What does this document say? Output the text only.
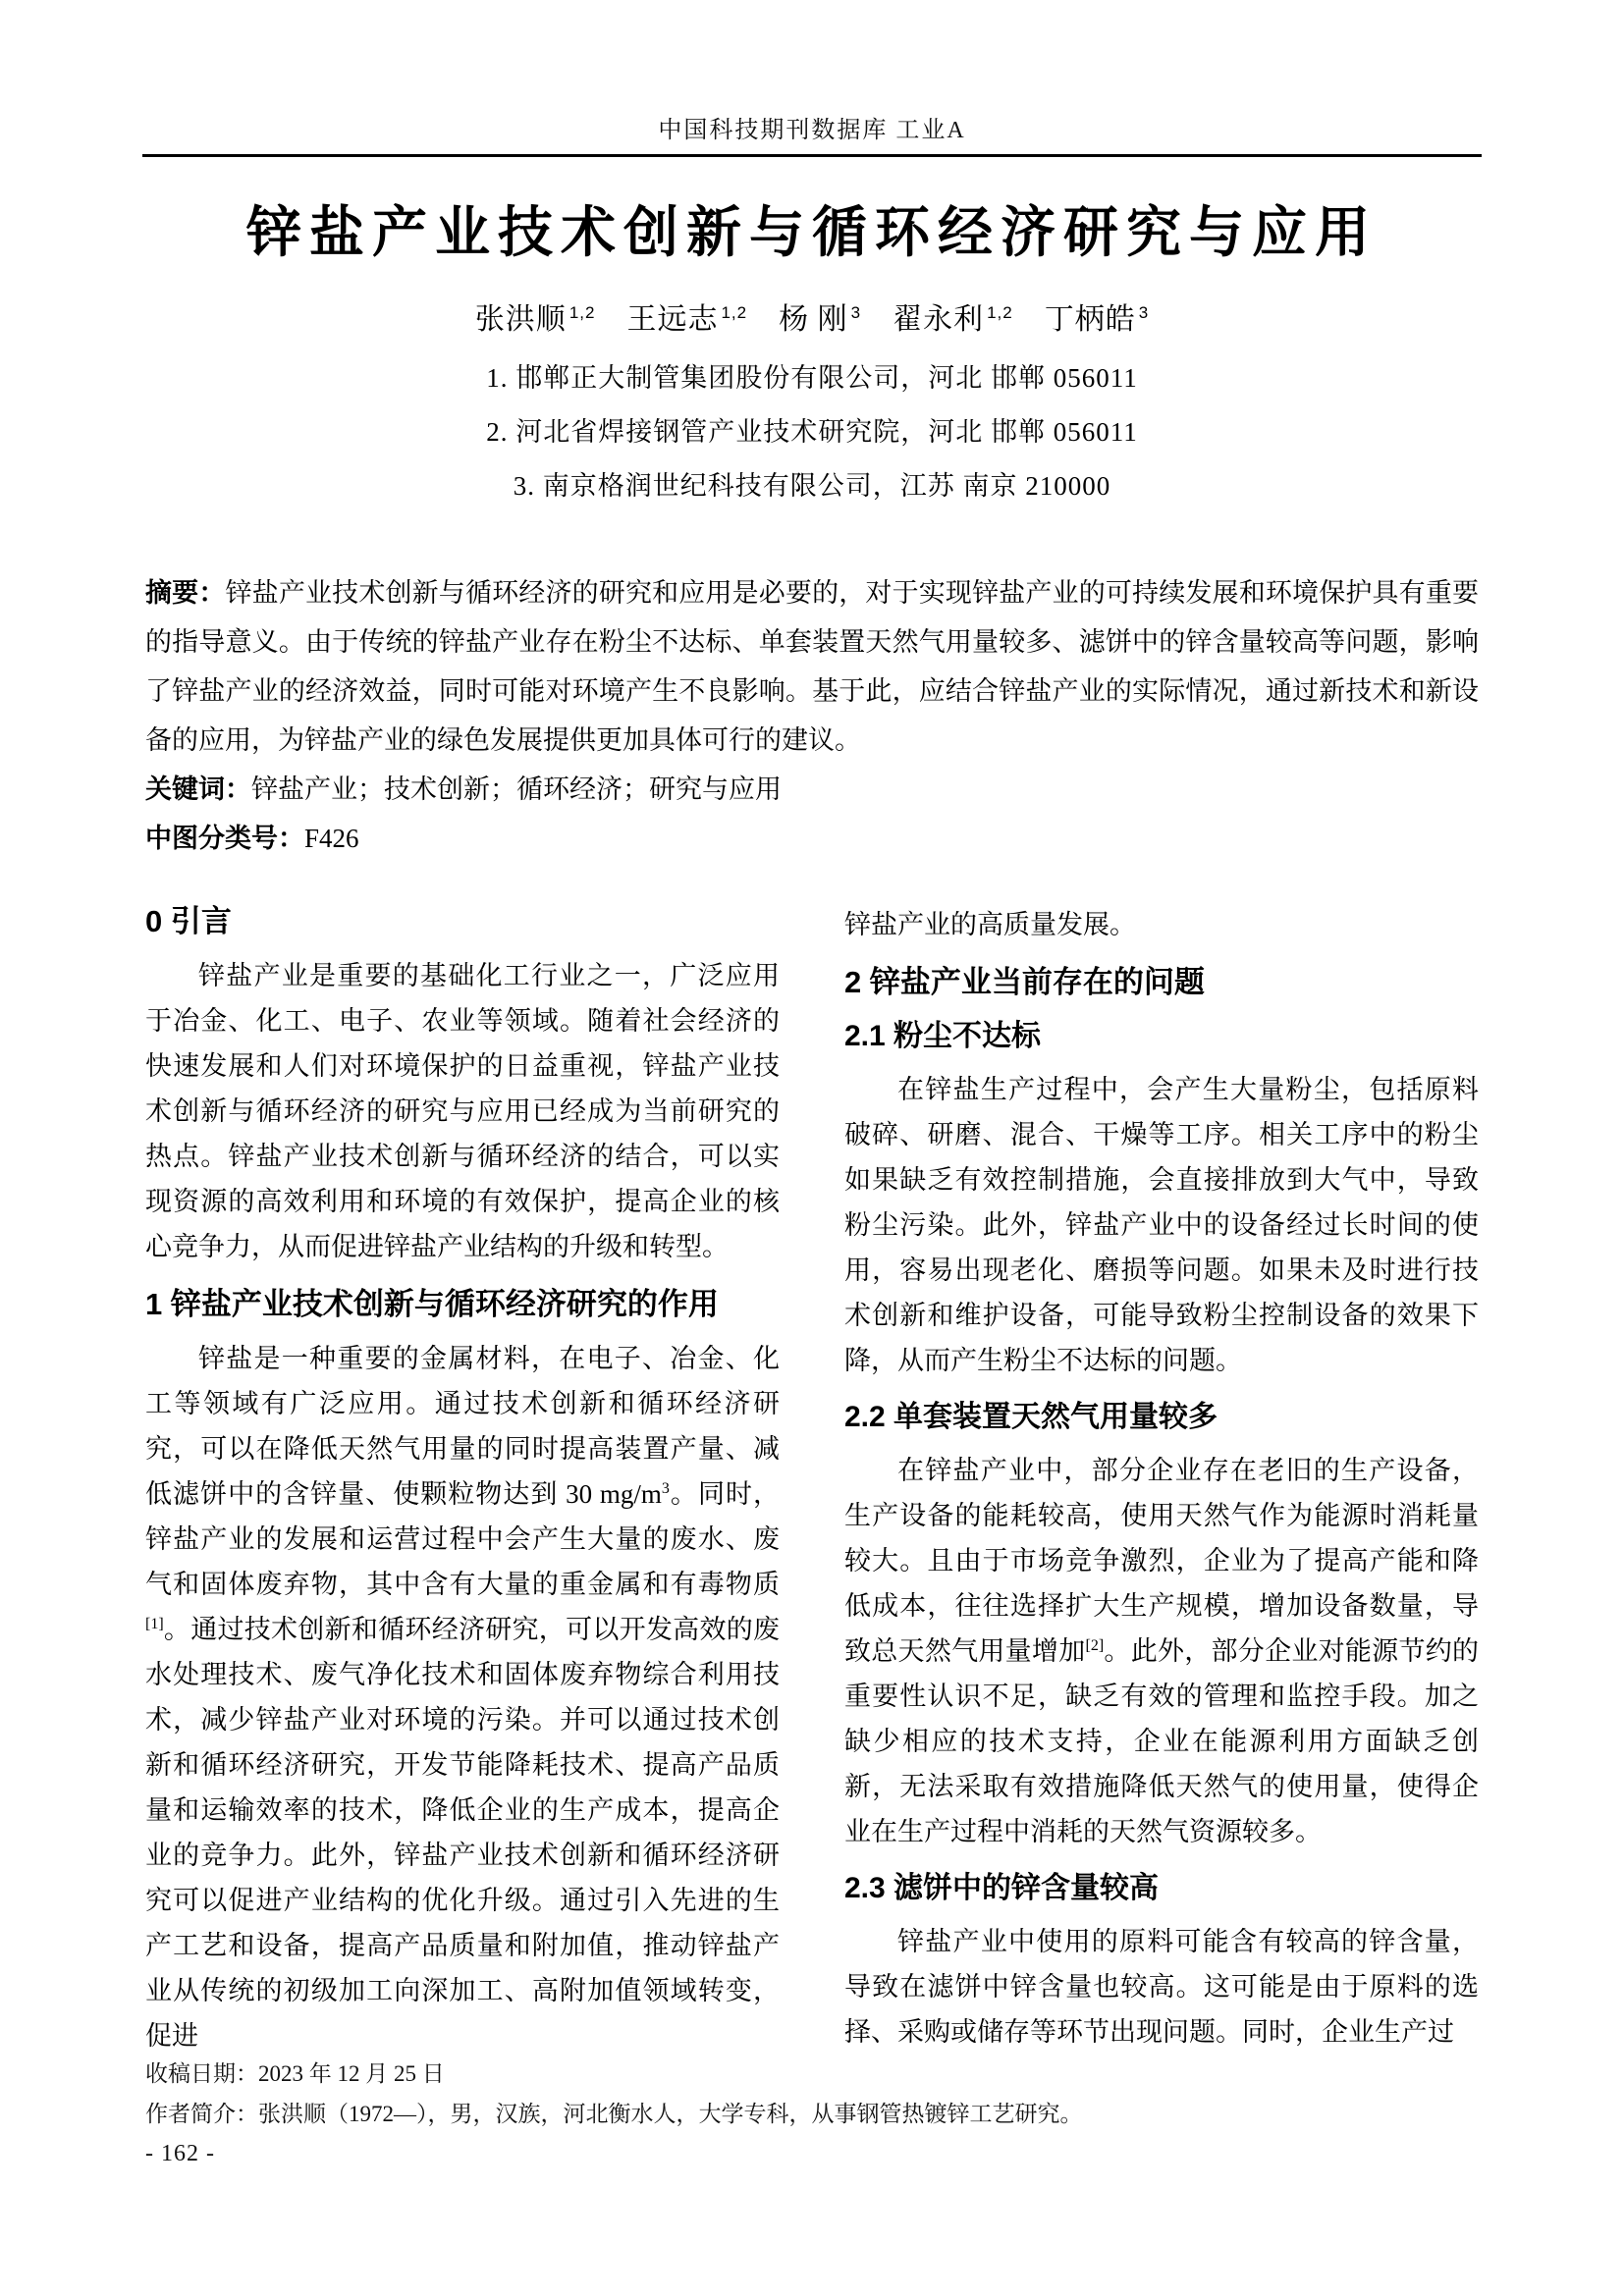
中国科技期刊数据库 工业A
锌盐产业技术创新与循环经济研究与应用
张洪顺 $^{1,2}$ 王远志 $^{1,2}$ 杨 刚 $^3$ 翟永利 $^{1,2}$ 丁柄皓 $^3$
1. 邯郸正大制管集团股份有限公司，河北 邯郸 056011
2. 河北省焊接钢管产业技术研究院，河北 邯郸 056011
3. 南京格润世纪科技有限公司，江苏 南京 210000

摘要：锌盐产业技术创新与循环经济的研究和应用是必要的，对于实现锌盐产业的可持续发展和环境保护具有重要的指导意义。由于传统的锌盐产业存在粉尘不达标、单套装置天然气用量较多、滤饼中的锌含量较高等问题，影响了锌盐产业的经济效益，同时可能对环境产生不良影响。基于此，应结合锌盐产业的实际情况，通过新技术和新设备的应用，为锌盐产业的绿色发展提供更加具体可行的建议。

关键词：锌盐产业；技术创新；循环经济；研究与应用

中图分类号：F426

0 引言

锌盐产业是重要的基础化工行业之一，广泛应用于冶金、化工、电子、农业等领域。随着社会经济的快速发展和人们对环境保护的日益重视，锌盐产业技术创新与循环经济的研究与应用已经成为当前研究的热点。锌盐产业技术创新与循环经济的结合，可以实现资源的高效利用和环境的有效保护，提高企业的核心竞争力，从而促进锌盐产业结构的升级和转型。

1 锌盐产业技术创新与循环经济研究的作用

锌盐是一种重要的金属材料，在电子、冶金、化工等领域有广泛应用。通过技术创新和循环经济研究，可以在降低天然气用量的同时提高装置产量、减低滤饼中的含锌量、使颗粒物达到 30 $mg/m^3$。同时，锌盐产业的发展和运营过程中会产生大量的废水、废气和固体废弃物，其中含有大量的重金属和有毒物质[1]。通过技术创新和循环经济研究，可以开发高效的废水处理技术、废气净化技术和固体废弃物综合利用技术，减少锌盐产业对环境的污染。并可以通过技术创新和循环经济研究，开发节能降耗技术、提高产品质量和运输效率的技术，降低企业的生产成本，提高企业的竞争力。此外，锌盐产业技术创新和循环经济研究可以促进产业结构的优化升级。通过引入先进的生产工艺和设备，提高产品质量和附加值，推动锌盐产业从传统的初级加工向深加工、高附加值领域转变，促进

锌盐产业的高质量发展。

2 锌盐产业当前存在的问题
2.1 粉尘不达标

在锌盐生产过程中，会产生大量粉尘，包括原料破碎、研磨、混合、干燥等工序。相关工序中的粉尘如果缺乏有效控制措施，会直接排放到大气中，导致粉尘污染。此外，锌盐产业中的设备经过长时间的使用，容易出现老化、磨损等问题。如果未及时进行技术创新和维护设备，可能导致粉尘控制设备的效果下降，从而产生粉尘不达标的问题。

2.2 单套装置天然气用量较多

在锌盐产业中，部分企业存在老旧的生产设备，生产设备的能耗较高，使用天然气作为能源时消耗量较大。且由于市场竞争激烈，企业为了提高产能和降低成本，往往选择扩大生产规模，增加设备数量，导致总天然气用量增加[2]。此外，部分企业对能源节约的重要性认识不足，缺乏有效的管理和监控手段。加之缺少相应的技术支持，企业在能源利用方面缺乏创新，无法采取有效措施降低天然气的使用量，使得企业在生产过程中消耗的天然气资源较多。

2.3 滤饼中的锌含量较高

锌盐产业中使用的原料可能含有较高的锌含量，导致在滤饼中锌含量也较高。这可能是由于原料的选择、采购或储存等环节出现问题。同时，企业生产过

收稿日期：2023 年 12 月 25 日
作者简介：张洪顺（1972—），男，汉族，河北衡水人，大学专科，从事钢管热镀锌工艺研究。
- 162 -
